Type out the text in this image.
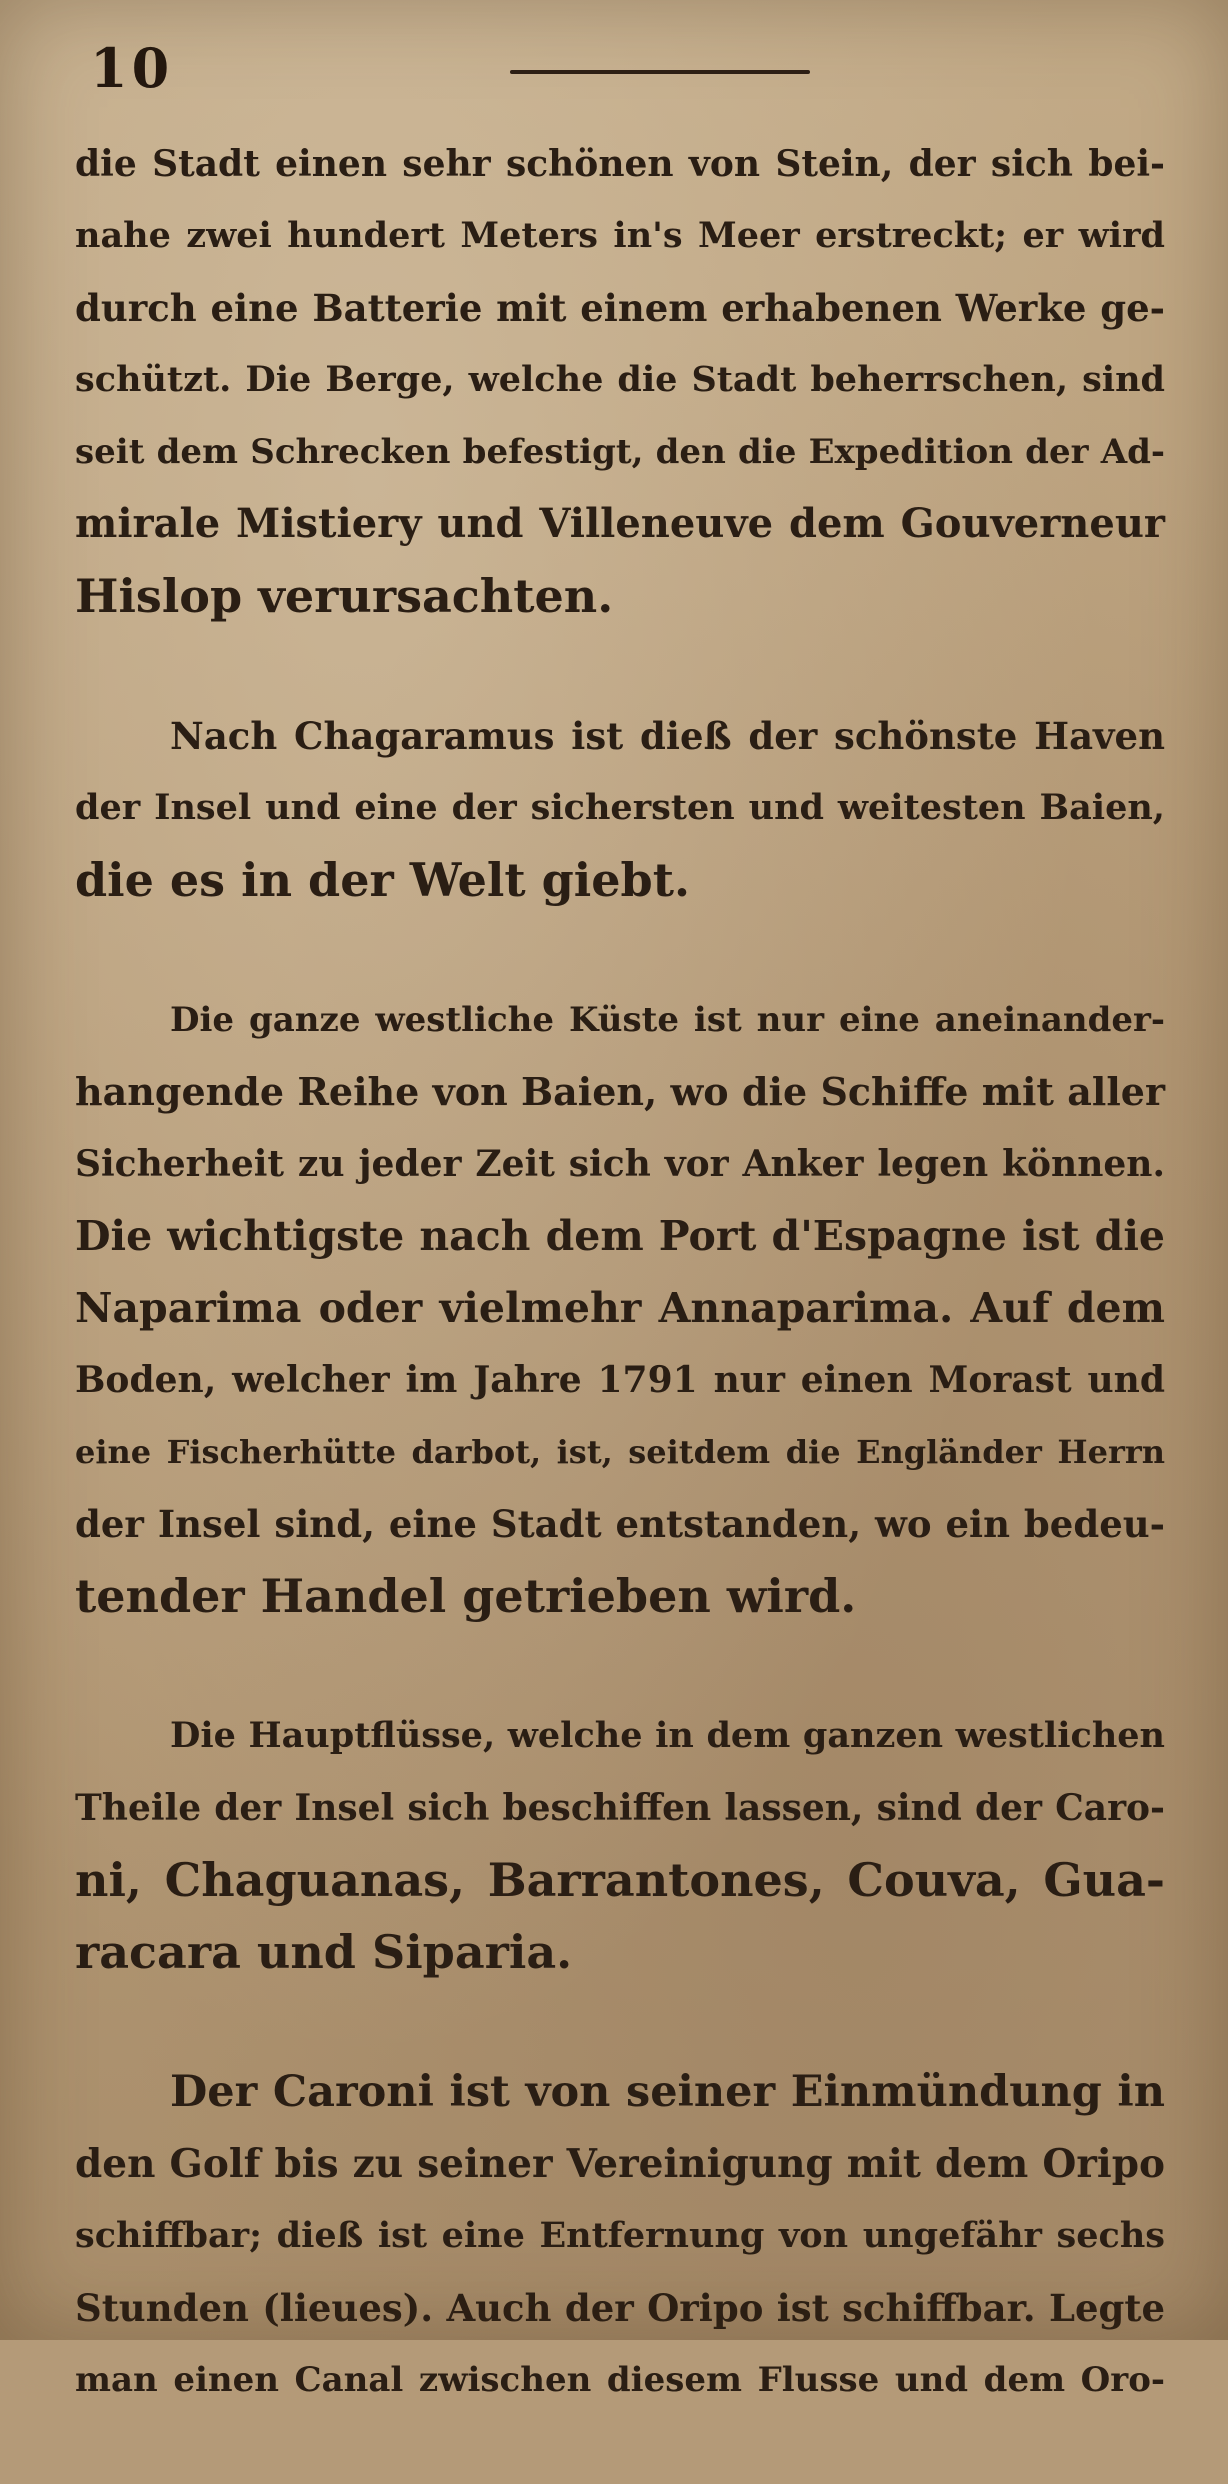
10
die Stadt einen sehr schönen von Stein, der sich bei-
nahe zwei hundert Meters in's Meer erstreckt; er wird
durch eine Batterie mit einem erhabenen Werke ge-
schützt. Die Berge, welche die Stadt beherrschen, sind
seit dem Schrecken befestigt, den die Expedition der Ad-
mirale Mistiery und Villeneuve dem Gouverneur
Hislop verursachten.
Nach Chagaramus ist dieß der schönste Haven
der Insel und eine der sichersten und weitesten Baien,
die es in der Welt giebt.
Die ganze westliche Küste ist nur eine aneinander-
hangende Reihe von Baien, wo die Schiffe mit aller
Sicherheit zu jeder Zeit sich vor Anker legen können.
Die wichtigste nach dem Port d'Espagne ist die
Naparima oder vielmehr Annaparima. Auf dem
Boden, welcher im Jahre 1791 nur einen Morast und
eine Fischerhütte darbot, ist, seitdem die Engländer Herrn
der Insel sind, eine Stadt entstanden, wo ein bedeu-
tender Handel getrieben wird.
Die Hauptflüsse, welche in dem ganzen westlichen
Theile der Insel sich beschiffen lassen, sind der Caro-
ni, Chaguanas, Barrantones, Couva, Gua-
racara und Siparia.
Der Caroni ist von seiner Einmündung in
den Golf bis zu seiner Vereinigung mit dem Oripo
schiffbar; dieß ist eine Entfernung von ungefähr sechs
Stunden (lieues). Auch der Oripo ist schiffbar. Legte
man einen Canal zwischen diesem Flusse und dem Oro-
